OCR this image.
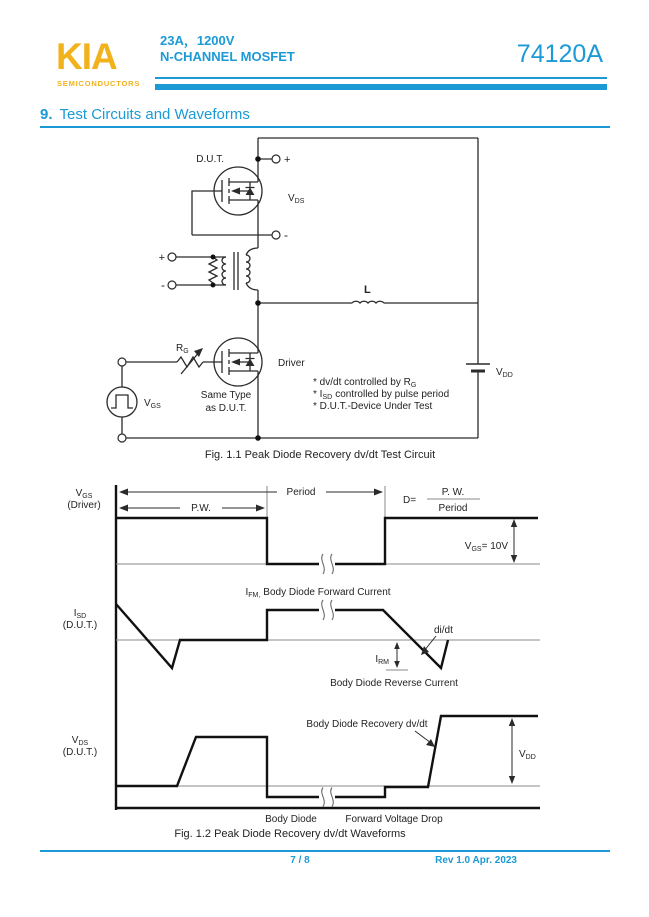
KIA
SEMICONDUCTORS
23A，1200V
N-CHANNEL MOSFET	74120A
9. Test Circuits and Waveforms
D.U.T.	+
-
$V_{DS}$
+
-	L
$R_G$
Driver
Same Type
as D.U.T.
$V_{GS}$
$V_{DD}$
* dv/dt controlled by $R_G$
* $I_{SD}$ controlled by pulse period
* D.U.T.-Device Under Test
Fig. 1.1 Peak Diode Recovery dv/dt Test Circuit
$V_{GS}$
(Driver)	P.W.
Period
D=
P. W.
Period
$V_{GS}= 10V$
$I_{FM,}$ Body Diode Forward Current
$I_{SD}$
(D.U.T.)	di/dt
$I_{RM}$
Body Diode Reverse Current
Body Diode Recovery dv/dt
$V_{DD}$
$V_{DS}$
(D.U.T.)
Body Diode	Forward Voltage Drop
Fig. 1.2 Peak Diode Recovery dv/dt Waveforms
7 / 8	Rev 1.0 Apr. 2023
